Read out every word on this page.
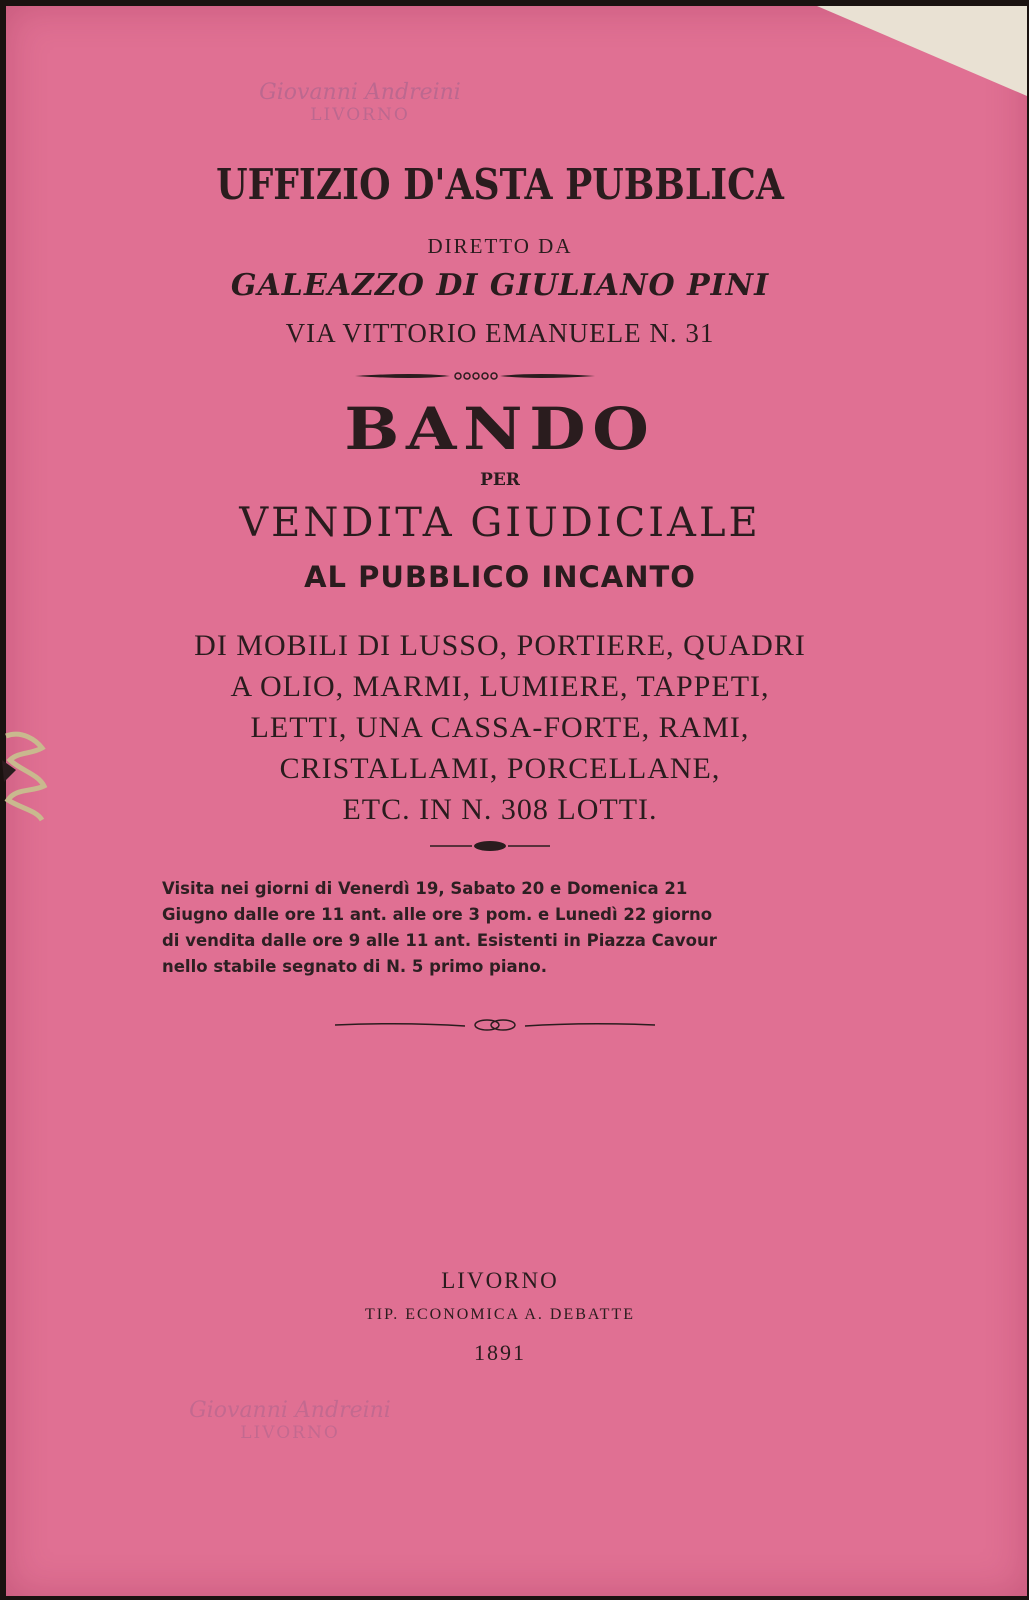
Giovanni Andreini
LIVORNO
Giovanni Andreini
LIVORNO
UFFIZIO D'ASTA PUBBLICA
DIRETTO DA
GALEAZZO DI GIULIANO PINI
VIA VITTORIO EMANUELE N. 31
BANDO
PER
VENDITA GIUDICIALE
AL PUBBLICO INCANTO
DI MOBILI DI LUSSO, PORTIERE, QUADRI
A OLIO, MARMI, LUMIERE, TAPPETI,
LETTI, UNA CASSA-FORTE, RAMI,
CRISTALLAMI, PORCELLANE,
ETC. IN N. 308 LOTTI.
Visita nei giorni di Venerdì 19, Sabato 20 e Domenica 21
Giugno dalle ore 11 ant. alle ore 3 pom. e Lunedì 22 giorno
di vendita dalle ore 9 alle 11 ant. Esistenti in Piazza Cavour
nello stabile segnato di N. 5 primo piano.
LIVORNO
TIP. ECONOMICA A. DEBATTE
1891
